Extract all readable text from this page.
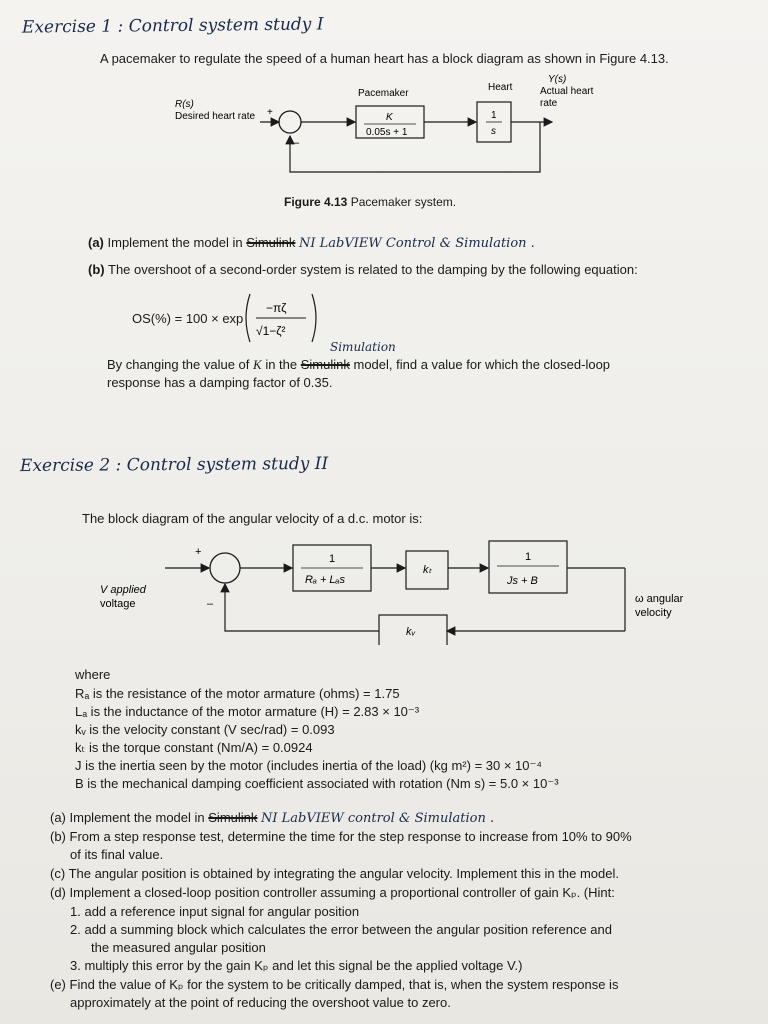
Exercise 1 : Control system study I
A pacemaker to regulate the speed of a human heart has a block diagram as shown in Figure 4.13.
Y(s)
Actual heart
rate
Heart
Pacemaker
R(s)
Desired heart rate +
–
K
0.05s + 1
1
s
Figure 4.13 Pacemaker system.
(a) Implement the model in Simulink NI LabVIEW Control & Simulation .
(b) The overshoot of a second-order system is related to the damping by the following equation:
OS(%) = 100 × exp
−πζ
√1−ζ²
Simulation
By changing the value of K in the Simulink model, find a value for which the closed-loop
response has a damping factor of 0.35.
Exercise 2 : Control system study II
The block diagram of the angular velocity of a d.c. motor is:
+
–
V applied
voltage
1
Rₐ + Lₐs
kₜ
1
Js + B
ω angular
velocity
kᵥ
where
Rₐ is the resistance of the motor armature (ohms) = 1.75
Lₐ is the inductance of the motor armature (H) = 2.83 × 10⁻³
kᵥ is the velocity constant (V sec/rad) = 0.093
kₜ is the torque constant (Nm/A) = 0.0924
J is the inertia seen by the motor (includes inertia of the load) (kg m²) = 30 × 10⁻⁴
B is the mechanical damping coefficient associated with rotation (Nm s) = 5.0 × 10⁻³
(a) Implement the model in Simulink NI LabVIEW control & Simulation .
(b) From a step response test, determine the time for the step response to increase from 10% to 90%
of its final value.
(c) The angular position is obtained by integrating the angular velocity. Implement this in the model.
(d) Implement a closed-loop position controller assuming a proportional controller of gain Kₚ. (Hint:
1. add a reference input signal for angular position
2. add a summing block which calculates the error between the angular position reference and
the measured angular position
3. multiply this error by the gain Kₚ and let this signal be the applied voltage V.)
(e) Find the value of Kₚ for the system to be critically damped, that is, when the system response is
approximately at the point of reducing the overshoot value to zero.
